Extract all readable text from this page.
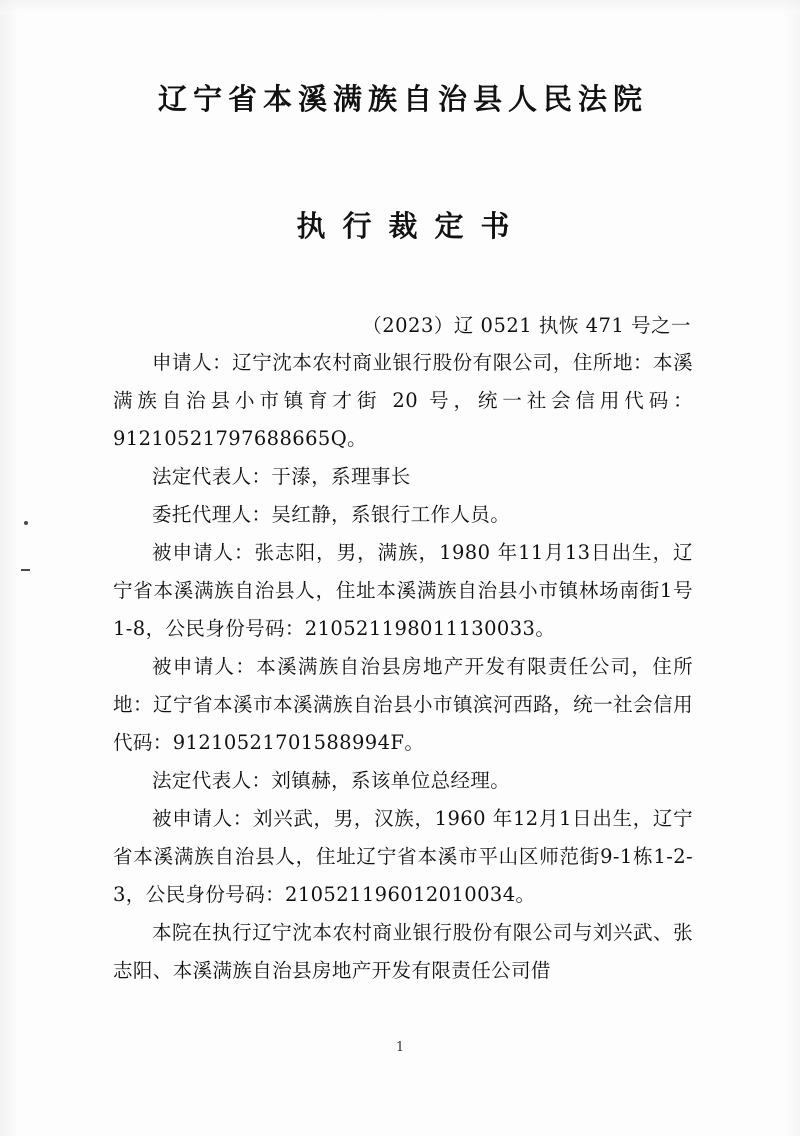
辽宁省本溪满族自治县人民法院
执行裁定书
（2023）辽 0521 执恢 471 号之一

申请人：辽宁沈本农村商业银行股份有限公司，住所地：本溪满族自治县小市镇育才街 20 号，统一社会信用代码：91210521797688665Q。

法定代表人：于溙，系理事长

委托代理人：吴红静，系银行工作人员。

被申请人：张志阳，男，满族，1980 年11月13日出生，辽宁省本溪满族自治县人，住址本溪满族自治县小市镇林场南街1号1-8，公民身份号码：210521198011130033。

被申请人：本溪满族自治县房地产开发有限责任公司，住所地：辽宁省本溪市本溪满族自治县小市镇滨河西路，统一社会信用代码：91210521701588994F。

法定代表人：刘镇赫，系该单位总经理。

被申请人：刘兴武，男，汉族，1960 年12月1日出生，辽宁省本溪满族自治县人，住址辽宁省本溪市平山区师范街9-1栋1-2-3，公民身份号码：210521196012010034。

本院在执行辽宁沈本农村商业银行股份有限公司与刘兴武、张志阳、本溪满族自治县房地产开发有限责任公司借

1
